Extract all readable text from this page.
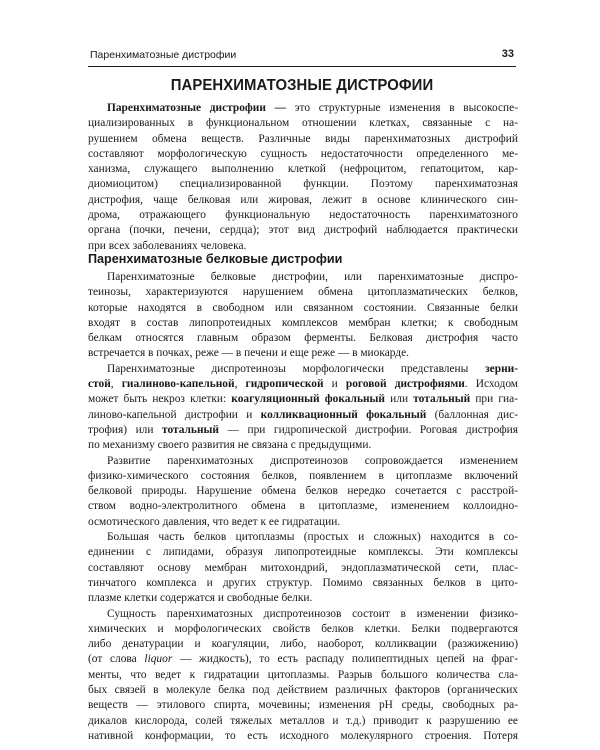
Паренхиматозные дистрофии	33
ПАРЕНХИМАТОЗНЫЕ ДИСТРОФИИ
Паренхиматозные дистрофии — это структурные изменения в высокоспе-
циализированных в функциональном отношении клетках, связанные с на-
рушением обмена веществ. Различные виды паренхиматозных дистрофий
составляют морфологическую сущность недостаточности определенного ме-
ханизма, служащего выполнению клеткой (нефроцитом, гепатоцитом, кар-
диомиоцитом) специализированной функции. Поэтому паренхиматозная
дистрофия, чаще белковая или жировая, лежит в основе клинического син-
дрома, отражающего функциональную недостаточность паренхиматозного
органа (почки, печени, сердца); этот вид дистрофий наблюдается практически
при всех заболеваниях человека.
Паренхиматозные белковые дистрофии
Паренхиматозные белковые дистрофии, или паренхиматозные диспро-
теинозы, характеризуются нарушением обмена цитоплазматических белков,
которые находятся в свободном или связанном состоянии. Связанные белки
входят в состав липопротеидных комплексов мембран клетки; к свободным
белкам относятся главным образом ферменты. Белковая дистрофия часто
встречается в почках, реже — в печени и еще реже — в миокарде.
Паренхиматозные диспротеинозы морфологически представлены зерни-
стой, гиалиново-капельной, гидропической и роговой дистрофиями. Исходом
может быть некроз клетки: коагуляционный фокальный или тотальный при гиа-
линово-капельной дистрофии и колликвационный фокальный (баллонная дис-
трофия) или тотальный — при гидропической дистрофии. Роговая дистрофия
по механизму своего развития не связана с предыдущими.
Развитие паренхиматозных диспротеинозов сопровождается изменением
физико-химического состояния белков, появлением в цитоплазме включений
белковой природы. Нарушение обмена белков нередко сочетается с расстрой-
ством водно-электролитного обмена в цитоплазме, изменением коллоидно-
осмотического давления, что ведет к ее гидратации.
Большая часть белков цитоплазмы (простых и сложных) находится в со-
единении с липидами, образуя липопротеидные комплексы. Эти комплексы
составляют основу мембран митохондрий, эндоплазматической сети, плас-
тинчатого комплекса и других структур. Помимо связанных белков в цито-
плазме клетки содержатся и свободные белки.
Сущность паренхиматозных диспротеинозов состоит в изменении физико-
химических и морфологических свойств белков клетки. Белки подвергаются
либо денатурации и коагуляции, либо, наоборот, колликвации (разжижению)
(от слова liquor — жидкость), то есть распаду полипептидных цепей на фраг-
менты, что ведет к гидратации цитоплазмы. Разрыв большого количества сла-
бых связей в молекуле белка под действием различных факторов (органических
веществ — этилового спирта, мочевины; изменения pH среды, свободных ра-
дикалов кислорода, солей тяжелых металлов и т.д.) приводит к разрушению ее
нативной конформации, то есть исходного молекулярного строения. Потеря
